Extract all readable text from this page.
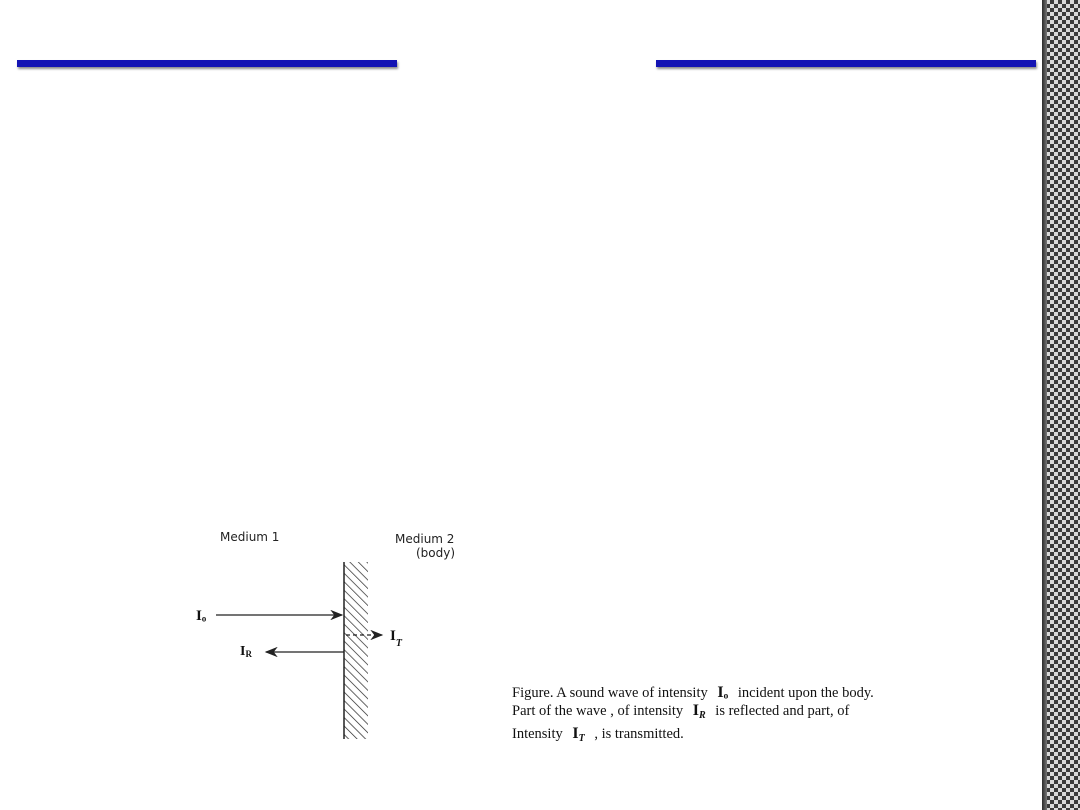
Medium 1	Medium 2
(body)
Iₒ
$I_T$
IR
Figure. A sound wave of intensity Iₒ incident upon the body.
Part of the wave , of intensity $I_R$ is reflected and part, of
Intensity $I_T$ , is transmitted.
